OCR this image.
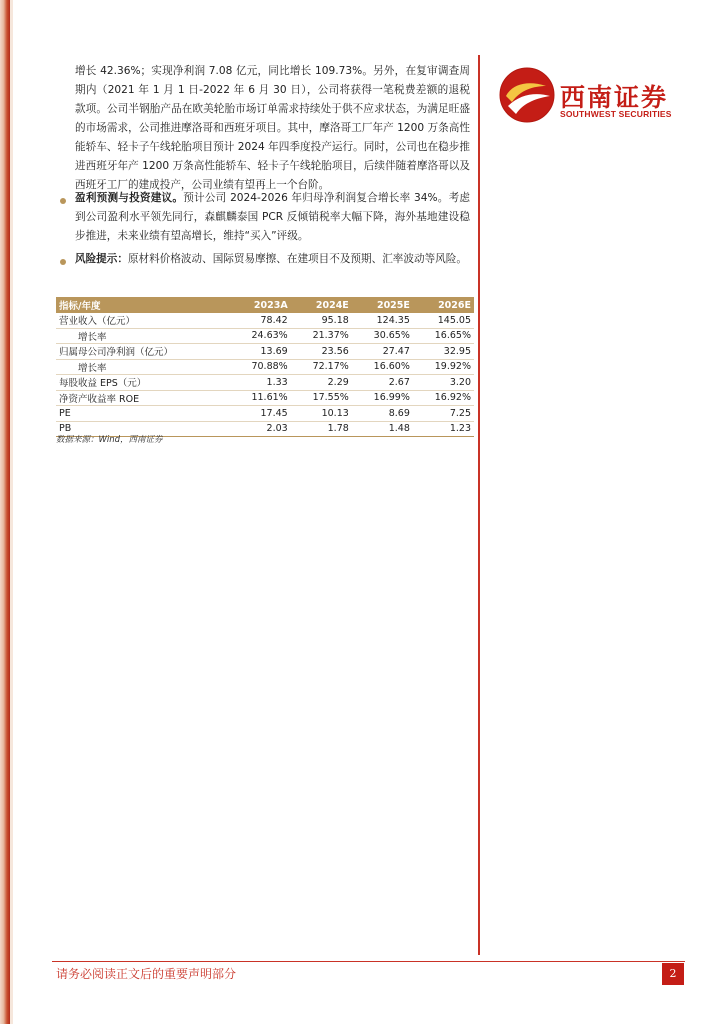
西南证券
SOUTHWEST SECURITIES
增长 42.36%；实现净利润 7.08 亿元，同比增长 109.73%。另外，在复审调查周期内（2021 年 1 月 1 日-2022 年 6 月 30 日），公司将获得一笔税费差额的退税款项。公司半钢胎产品在欧美轮胎市场订单需求持续处于供不应求状态，为满足旺盛的市场需求，公司推进摩洛哥和西班牙项目。其中，摩洛哥工厂年产 1200 万条高性能轿车、轻卡子午线轮胎项目预计 2024 年四季度投产运行。同时，公司也在稳步推进西班牙年产 1200 万条高性能轿车、轻卡子午线轮胎项目，后续伴随着摩洛哥以及西班牙工厂的建成投产，公司业绩有望再上一个台阶。
盈利预测与投资建议。预计公司 2024-2026 年归母净利润复合增长率 34%。考虑到公司盈利水平领先同行，森麒麟泰国 PCR 反倾销税率大幅下降，海外基地建设稳步推进，未来业绩有望高增长，维持“买入”评级。
风险提示：原材料价格波动、国际贸易摩擦、在建项目不及预期、汇率波动等风险。
指标/年度	2023A	2024E	2025E	2026E
营业收入（亿元）	78.42	95.18	124.35	145.05
增长率	24.63%	21.37%	30.65%	16.65%
归属母公司净利润（亿元）	13.69	23.56	27.47	32.95
增长率	70.88%	72.17%	16.60%	19.92%
每股收益 EPS（元）	1.33	2.29	2.67	3.20
净资产收益率 ROE	11.61%	17.55%	16.99%	16.92%
PE	17.45	10.13	8.69	7.25
PB	2.03	1.78	1.48	1.23
数据来源：Wind，西南证券
请务必阅读正文后的重要声明部分	2
